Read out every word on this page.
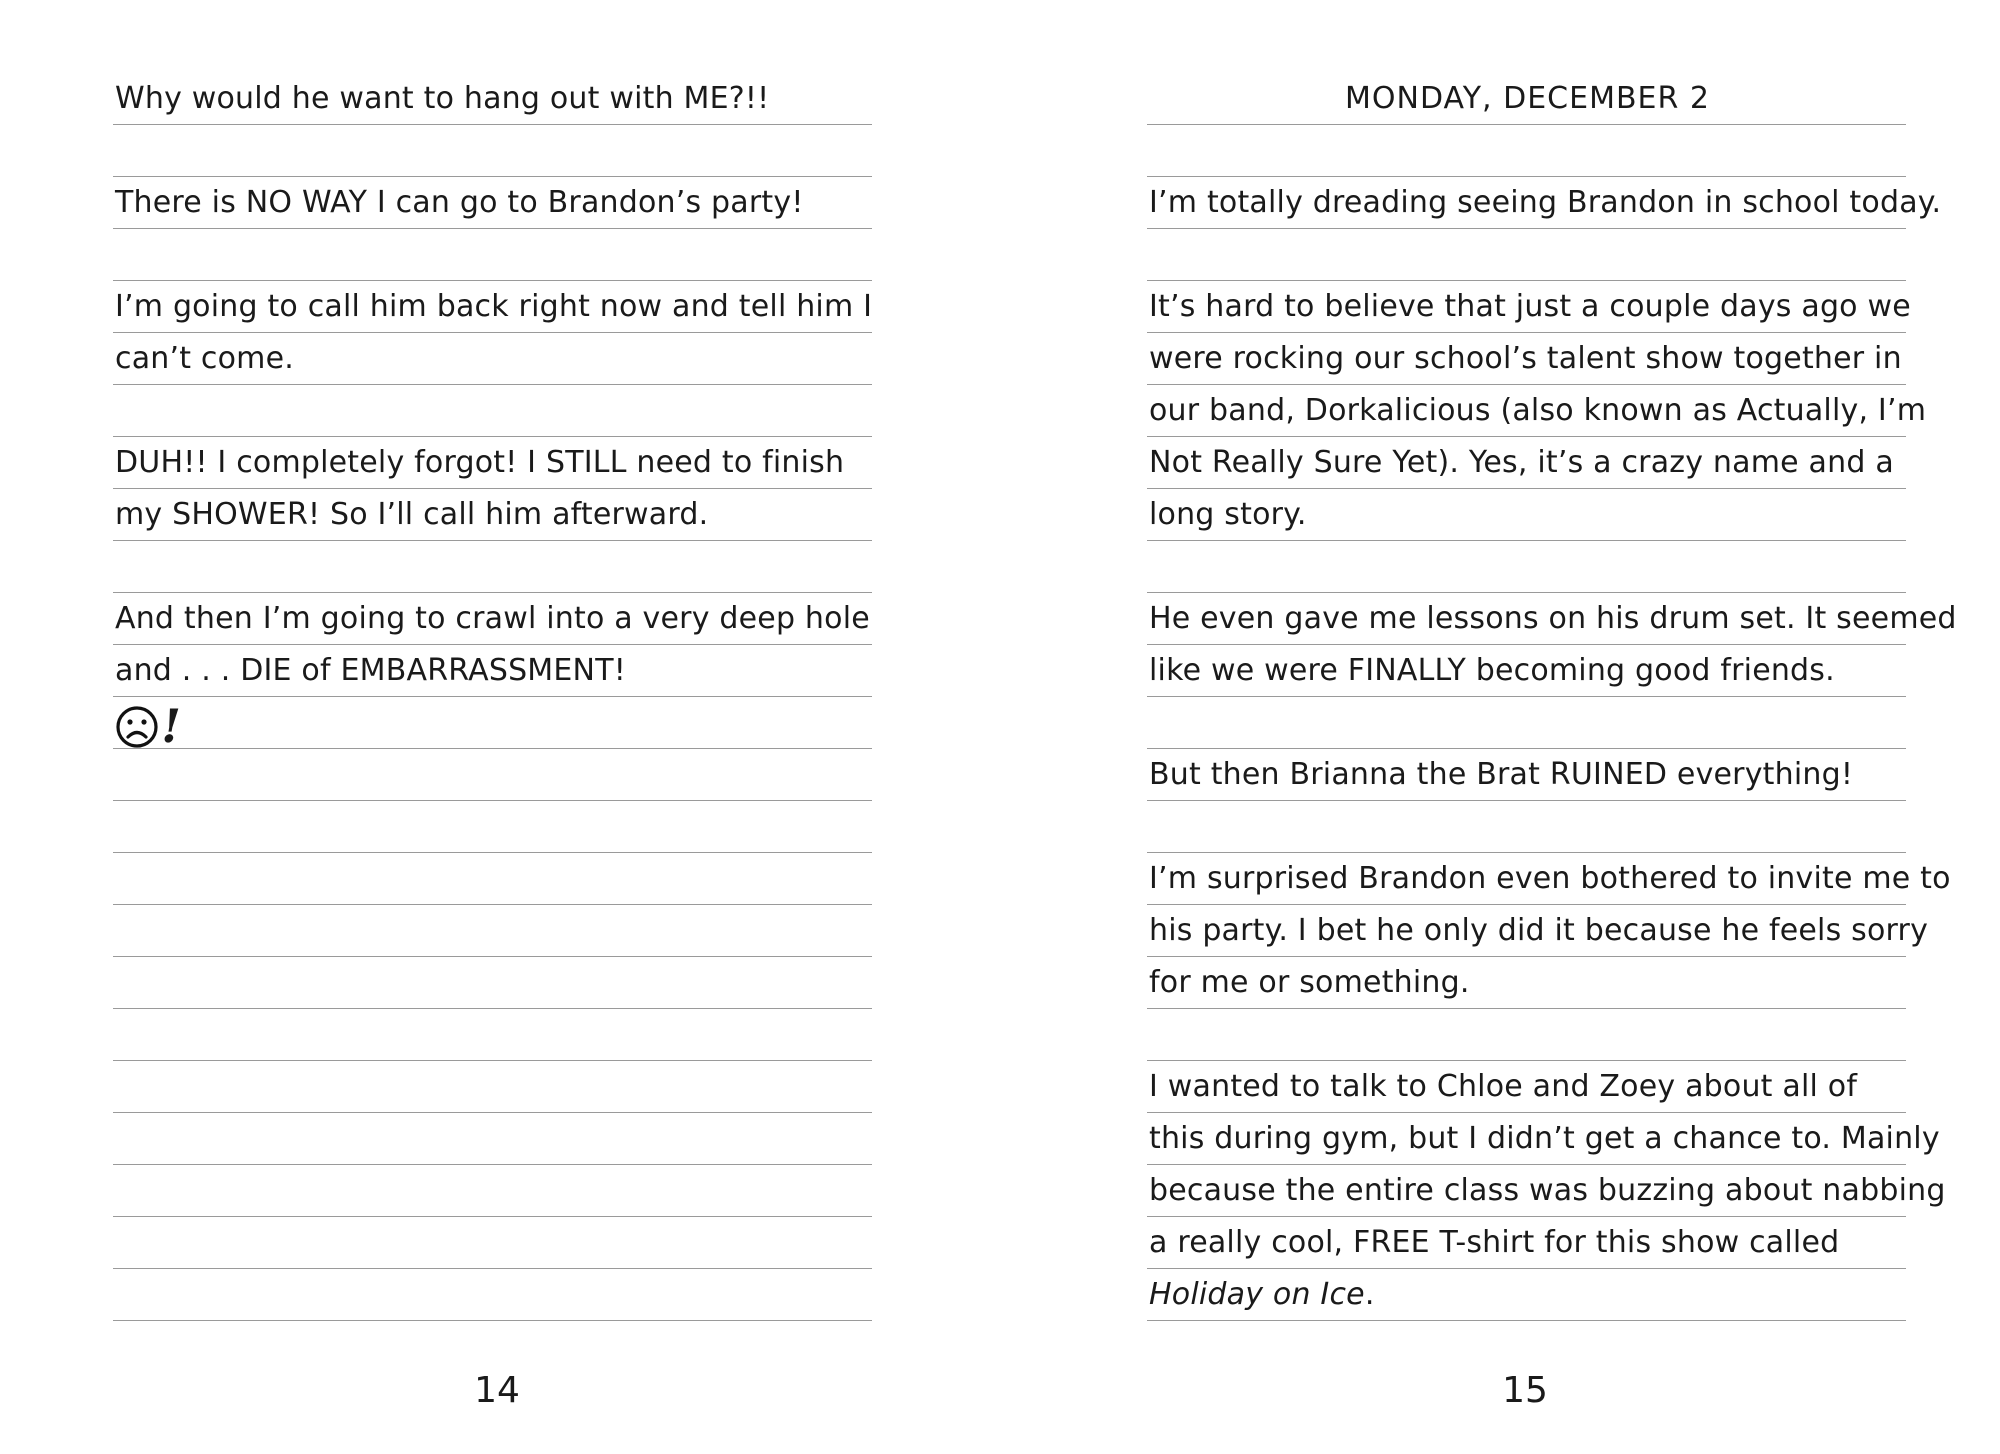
Why would he want to hang out with ME?!!
There is NO WAY I can go to Brandon’s party!
I’m going to call him back right now and tell him I
can’t come.
DUH!! I completely forgot! I STILL need to finish
my SHOWER! So I’ll call him afterward.
And then I’m going to crawl into a very deep hole
and . . . DIE of EMBARRASSMENT!
!
14
MONDAY, DECEMBER 2
I’m totally dreading seeing Brandon in school today.
It’s hard to believe that just a couple days ago we
were rocking our school’s talent show together in
our band, Dorkalicious (also known as Actually, I’m
Not Really Sure Yet). Yes, it’s a crazy name and a
long story.
He even gave me lessons on his drum set. It seemed
like we were FINALLY becoming good friends.
But then Brianna the Brat RUINED everything!
I’m surprised Brandon even bothered to invite me to
his party. I bet he only did it because he feels sorry
for me or something.
I wanted to talk to Chloe and Zoey about all of
this during gym, but I didn’t get a chance to. Mainly
because the entire class was buzzing about nabbing
a really cool, FREE T-shirt for this show called
Holiday on Ice.
15
